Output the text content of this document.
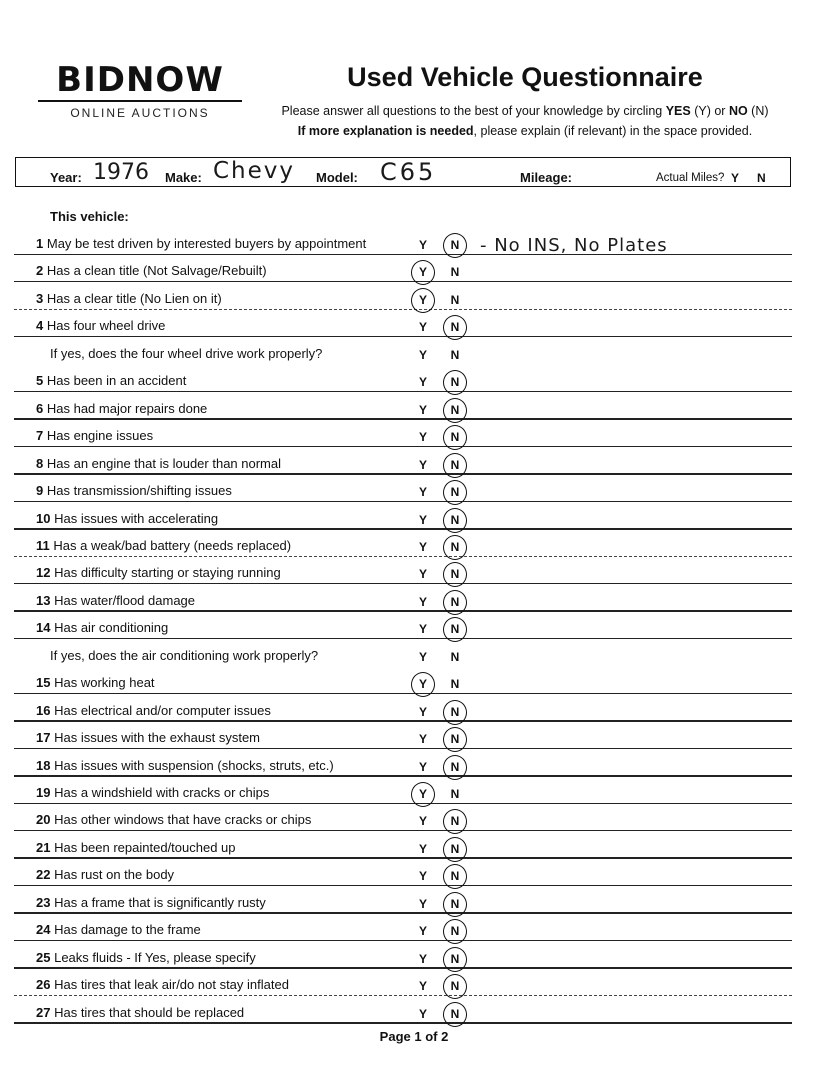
BIDNOW
ONLINE AUCTIONS
Used Vehicle Questionnaire
Please answer all questions to the best of your knowledge by circling YES (Y) or NO (N)
If more explanation is needed, please explain (if relevant) in the space provided.
Year: 1976 Make: Chevy Model: C65	Mileage:	Actual Miles? Y N
This vehicle:
1 May be test driven by interested buyers by appointment	Y N - No INS, No Plates
2 Has a clean title (Not Salvage/Rebuilt)	Y N
3 Has a clear title (No Lien on it)	Y N
4 Has four wheel drive	Y N
If yes, does the four wheel drive work properly?	Y N
5 Has been in an accident	Y N
6 Has had major repairs done	Y N
7 Has engine issues	Y N
8 Has an engine that is louder than normal	Y N
9 Has transmission/shifting issues	Y N
10 Has issues with accelerating	Y N
11 Has a weak/bad battery (needs replaced)	Y N
12 Has difficulty starting or staying running	Y N
13 Has water/flood damage	Y N
14 Has air conditioning	Y N
If yes, does the air conditioning work properly?	Y N
15 Has working heat	Y N
16 Has electrical and/or computer issues	Y N
17 Has issues with the exhaust system	Y N
18 Has issues with suspension (shocks, struts, etc.)	Y N
19 Has a windshield with cracks or chips	Y N
20 Has other windows that have cracks or chips	Y N
21 Has been repainted/touched up	Y N
22 Has rust on the body	Y N
23 Has a frame that is significantly rusty	Y N
24 Has damage to the frame	Y N
25 Leaks fluids - If Yes, please specify	Y N
26 Has tires that leak air/do not stay inflated	Y N
27 Has tires that should be replaced	Y N
Page 1 of 2
